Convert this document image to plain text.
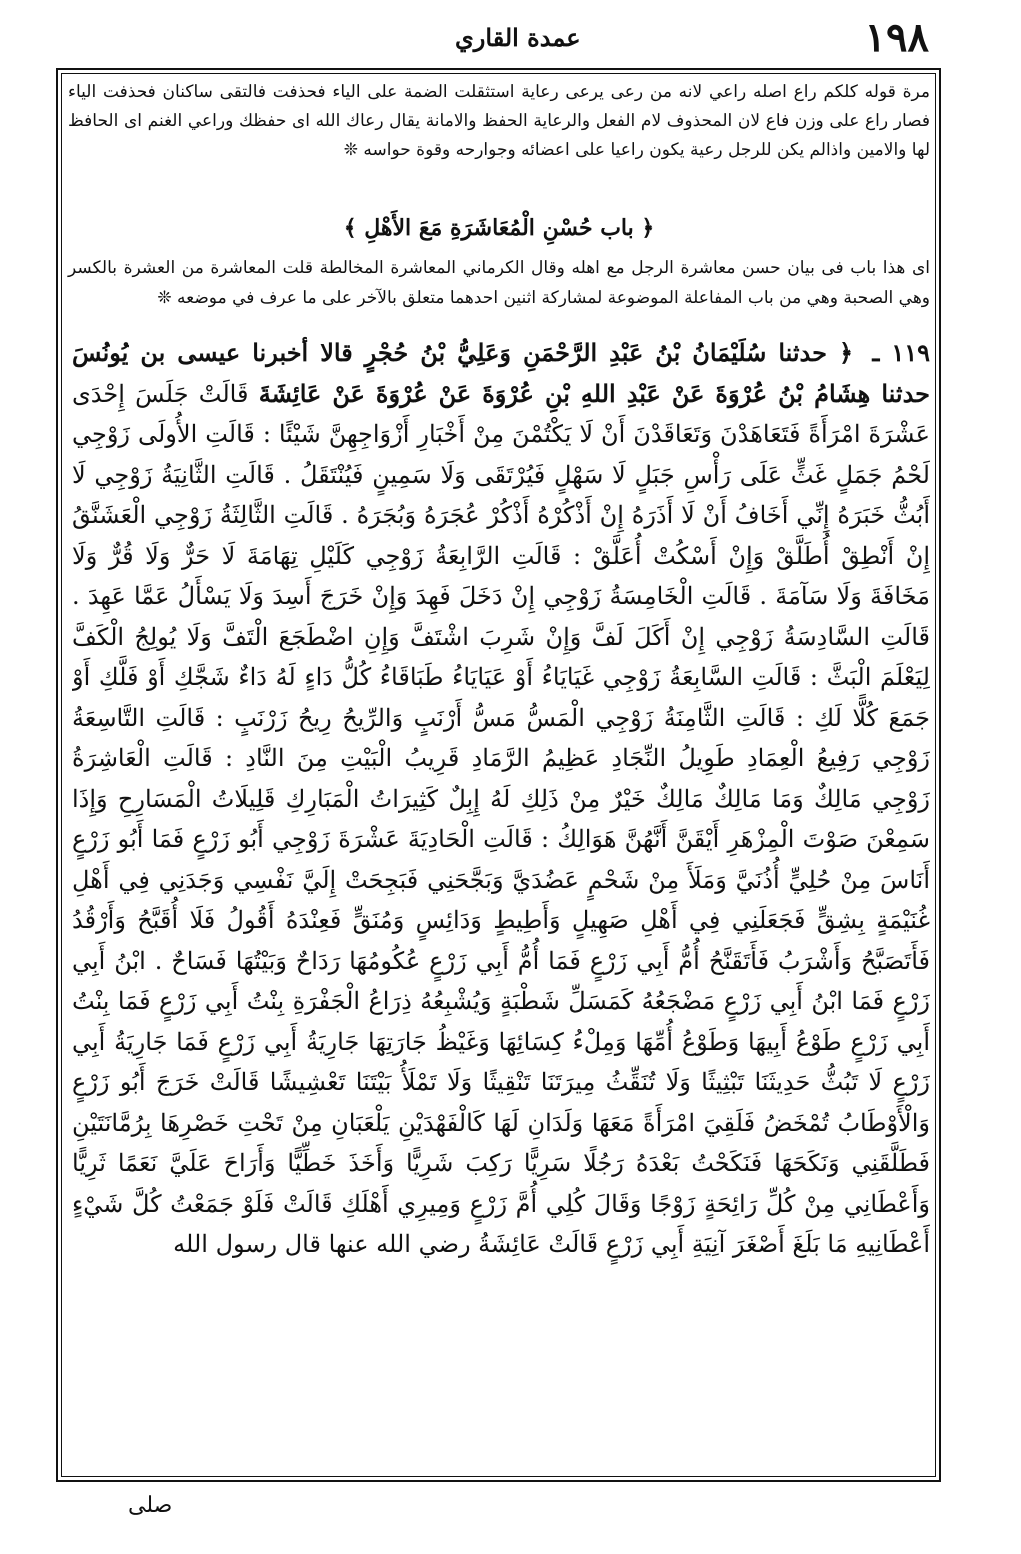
١٩٨
عمدة القاري

مرة قوله كلكم راع اصله راعي لانه من رعى يرعى رعاية استثقلت الضمة على الياء فحذفت فالتقى ساكنان فحذفت الياء فصار راع على وزن فاع لان المحذوف لام الفعل والرعاية الحفظ والامانة يقال رعاك الله اى حفظك وراعي الغنم اى الحافظ لها والامين واذالم يكن للرجل رعية يكون راعيا على اعضائه وجوارحه وقوة حواسه ❊

﴿ باب حُسْنِ الْمُعَاشَرَةِ مَعَ الأَهْلِ ﴾

اى هذا باب فى بيان حسن معاشرة الرجل مع اهله وقال الكرماني المعاشرة المخالطة قلت المعاشرة من العشرة بالكسر وهي الصحبة وهي من باب المفاعلة الموضوعة لمشاركة اثنين احدهما متعلق بالآخر على ما عرف في موضعه ❊

١١٩ ـ ﴿ حدثنا سُلَيْمَانُ بْنُ عَبْدِ الرَّحْمَنِ وَعَلِيُّ بْنُ حُجْرٍ قالا أخبرنا عيسى بن يُونُسَ حدثنا هِشَامُ بْنُ عُرْوَةَ عَنْ عَبْدِ اللهِ بْنِ عُرْوَةَ عَنْ عُرْوَةَ عَنْ عَائِشَةَ قَالَتْ جَلَسَ إِحْدَى عَشْرَةَ امْرَأَةً فَتَعَاهَدْنَ وَتَعَاقَدْنَ أَنْ لَا يَكْتُمْنَ مِنْ أَخْبَارِ أَزْوَاجِهِنَّ شَيْئًا : قَالَتِ الأُولَى زَوْجِي لَحْمُ جَمَلٍ غَثٍّ عَلَى رَأْسِ جَبَلٍ لَا سَهْلٍ فَيُرْتَقَى وَلَا سَمِينٍ فَيُنْتَقَلُ . قَالَتِ الثَّانِيَةُ زَوْجِي لَا أَبُثُّ خَبَرَهُ إِنِّي أَخَافُ أَنْ لَا أَذَرَهُ إِنْ أَذْكُرْهُ أَذْكُرْ عُجَرَهُ وَبُجَرَهُ . قَالَتِ الثَّالِثَةُ زَوْجِي الْعَشَنَّقُ إِنْ أَنْطِقْ أُطَلَّقْ وَإِنْ أَسْكُتْ أُعَلَّقْ : قَالَتِ الرَّابِعَةُ زَوْجِي كَلَيْلِ تِهَامَةَ لَا حَرٌّ وَلَا قُرٌّ وَلَا مَخَافَةَ وَلَا سَآمَةَ . قَالَتِ الْخَامِسَةُ زَوْجِي إِنْ دَخَلَ فَهِدَ وَإِنْ خَرَجَ أَسِدَ وَلَا يَسْأَلُ عَمَّا عَهِدَ . قَالَتِ السَّادِسَةُ زَوْجِي إِنْ أَكَلَ لَفَّ وَإِنْ شَرِبَ اشْتَفَّ وَإِنِ اضْطَجَعَ الْتَفَّ وَلَا يُولِجُ الْكَفَّ لِيَعْلَمَ الْبَثَّ : قَالَتِ السَّابِعَةُ زَوْجِي غَيَايَاءُ أَوْ عَيَايَاءُ طَبَاقَاءُ كُلُّ دَاءٍ لَهُ دَاءٌ شَجَّكِ أَوْ فَلَّكِ أَوْ جَمَعَ كُلًّا لَكِ : قَالَتِ الثَّامِنَةُ زَوْجِي الْمَسُّ مَسُّ أَرْنَبٍ وَالرِّيحُ رِيحُ زَرْنَبٍ : قَالَتِ التَّاسِعَةُ زَوْجِي رَفِيعُ الْعِمَادِ طَوِيلُ النِّجَادِ عَظِيمُ الرَّمَادِ قَرِيبُ الْبَيْتِ مِنَ النَّادِ : قَالَتِ الْعَاشِرَةُ زَوْجِي مَالِكٌ وَمَا مَالِكٌ مَالِكٌ خَيْرٌ مِنْ ذَلِكِ لَهُ إِبِلٌ كَثِيرَاتُ الْمَبَارِكِ قَلِيلَاتُ الْمَسَارِحِ وَإِذَا سَمِعْنَ صَوْتَ الْمِزْهَرِ أَيْقَنَّ أَنَّهُنَّ هَوَالِكُ : قَالَتِ الْحَادِيَةَ عَشْرَةَ زَوْجِي أَبُو زَرْعٍ فَمَا أَبُو زَرْعٍ أَنَاسَ مِنْ حُلِيٍّ أُذُنَيَّ وَمَلَأَ مِنْ شَحْمٍ عَضُدَيَّ وَبَجَّحَنِي فَبَجِحَتْ إِلَيَّ نَفْسِي وَجَدَنِي فِي أَهْلِ غُنَيْمَةٍ بِشِقٍّ فَجَعَلَنِي فِي أَهْلِ صَهِيلٍ وَأَطِيطٍ وَدَائِسٍ وَمُنَقٍّ فَعِنْدَهُ أَقُولُ فَلَا أُقَبَّحُ وَأَرْقُدُ فَأَتَصَبَّحُ وَأَشْرَبُ فَأَتَقَنَّحُ أُمُّ أَبِي زَرْعٍ فَمَا أُمُّ أَبِي زَرْعٍ عُكُومُهَا رَدَاحٌ وَبَيْتُهَا فَسَاحٌ . ابْنُ أَبِي زَرْعٍ فَمَا ابْنُ أَبِي زَرْعٍ مَضْجَعُهُ كَمَسَلِّ شَطْبَةٍ وَيُشْبِعُهُ ذِرَاعُ الْجَفْرَةِ بِنْتُ أَبِي زَرْعٍ فَمَا بِنْتُ أَبِي زَرْعٍ طَوْعُ أَبِيهَا وَطَوْعُ أُمِّهَا وَمِلْءُ كِسَائِهَا وَغَيْظُ جَارَتِهَا جَارِيَةُ أَبِي زَرْعٍ فَمَا جَارِيَةُ أَبِي زَرْعٍ لَا تَبُثُّ حَدِيثَنَا تَبْثِيثًا وَلَا تُنَقِّثُ مِيرَتَنَا تَنْقِيثًا وَلَا تَمْلَأُ بَيْتَنَا تَعْشِيشًا قَالَتْ خَرَجَ أَبُو زَرْعٍ وَالْأَوْطَابُ تُمْخَضُ فَلَقِيَ امْرَأَةً مَعَهَا وَلَدَانِ لَهَا كَالْفَهْدَيْنِ يَلْعَبَانِ مِنْ تَحْتِ خَصْرِهَا بِرُمَّانَتَيْنِ فَطَلَّقَنِي وَنَكَحَهَا فَنَكَحْتُ بَعْدَهُ رَجُلًا سَرِيًّا رَكِبَ شَرِيًّا وَأَخَذَ خَطِّيًّا وَأَرَاحَ عَلَيَّ نَعَمًا ثَرِيًّا وَأَعْطَانِي مِنْ كُلِّ رَائِحَةٍ زَوْجًا وَقَالَ كُلِي أُمَّ زَرْعٍ وَمِيرِي أَهْلَكِ قَالَتْ فَلَوْ جَمَعْتُ كُلَّ شَيْءٍ أَعْطَانِيهِ مَا بَلَغَ أَصْغَرَ آنِيَةِ أَبِي زَرْعٍ قَالَتْ عَائِشَةُ رضي الله عنها قال رسول الله

صلى
